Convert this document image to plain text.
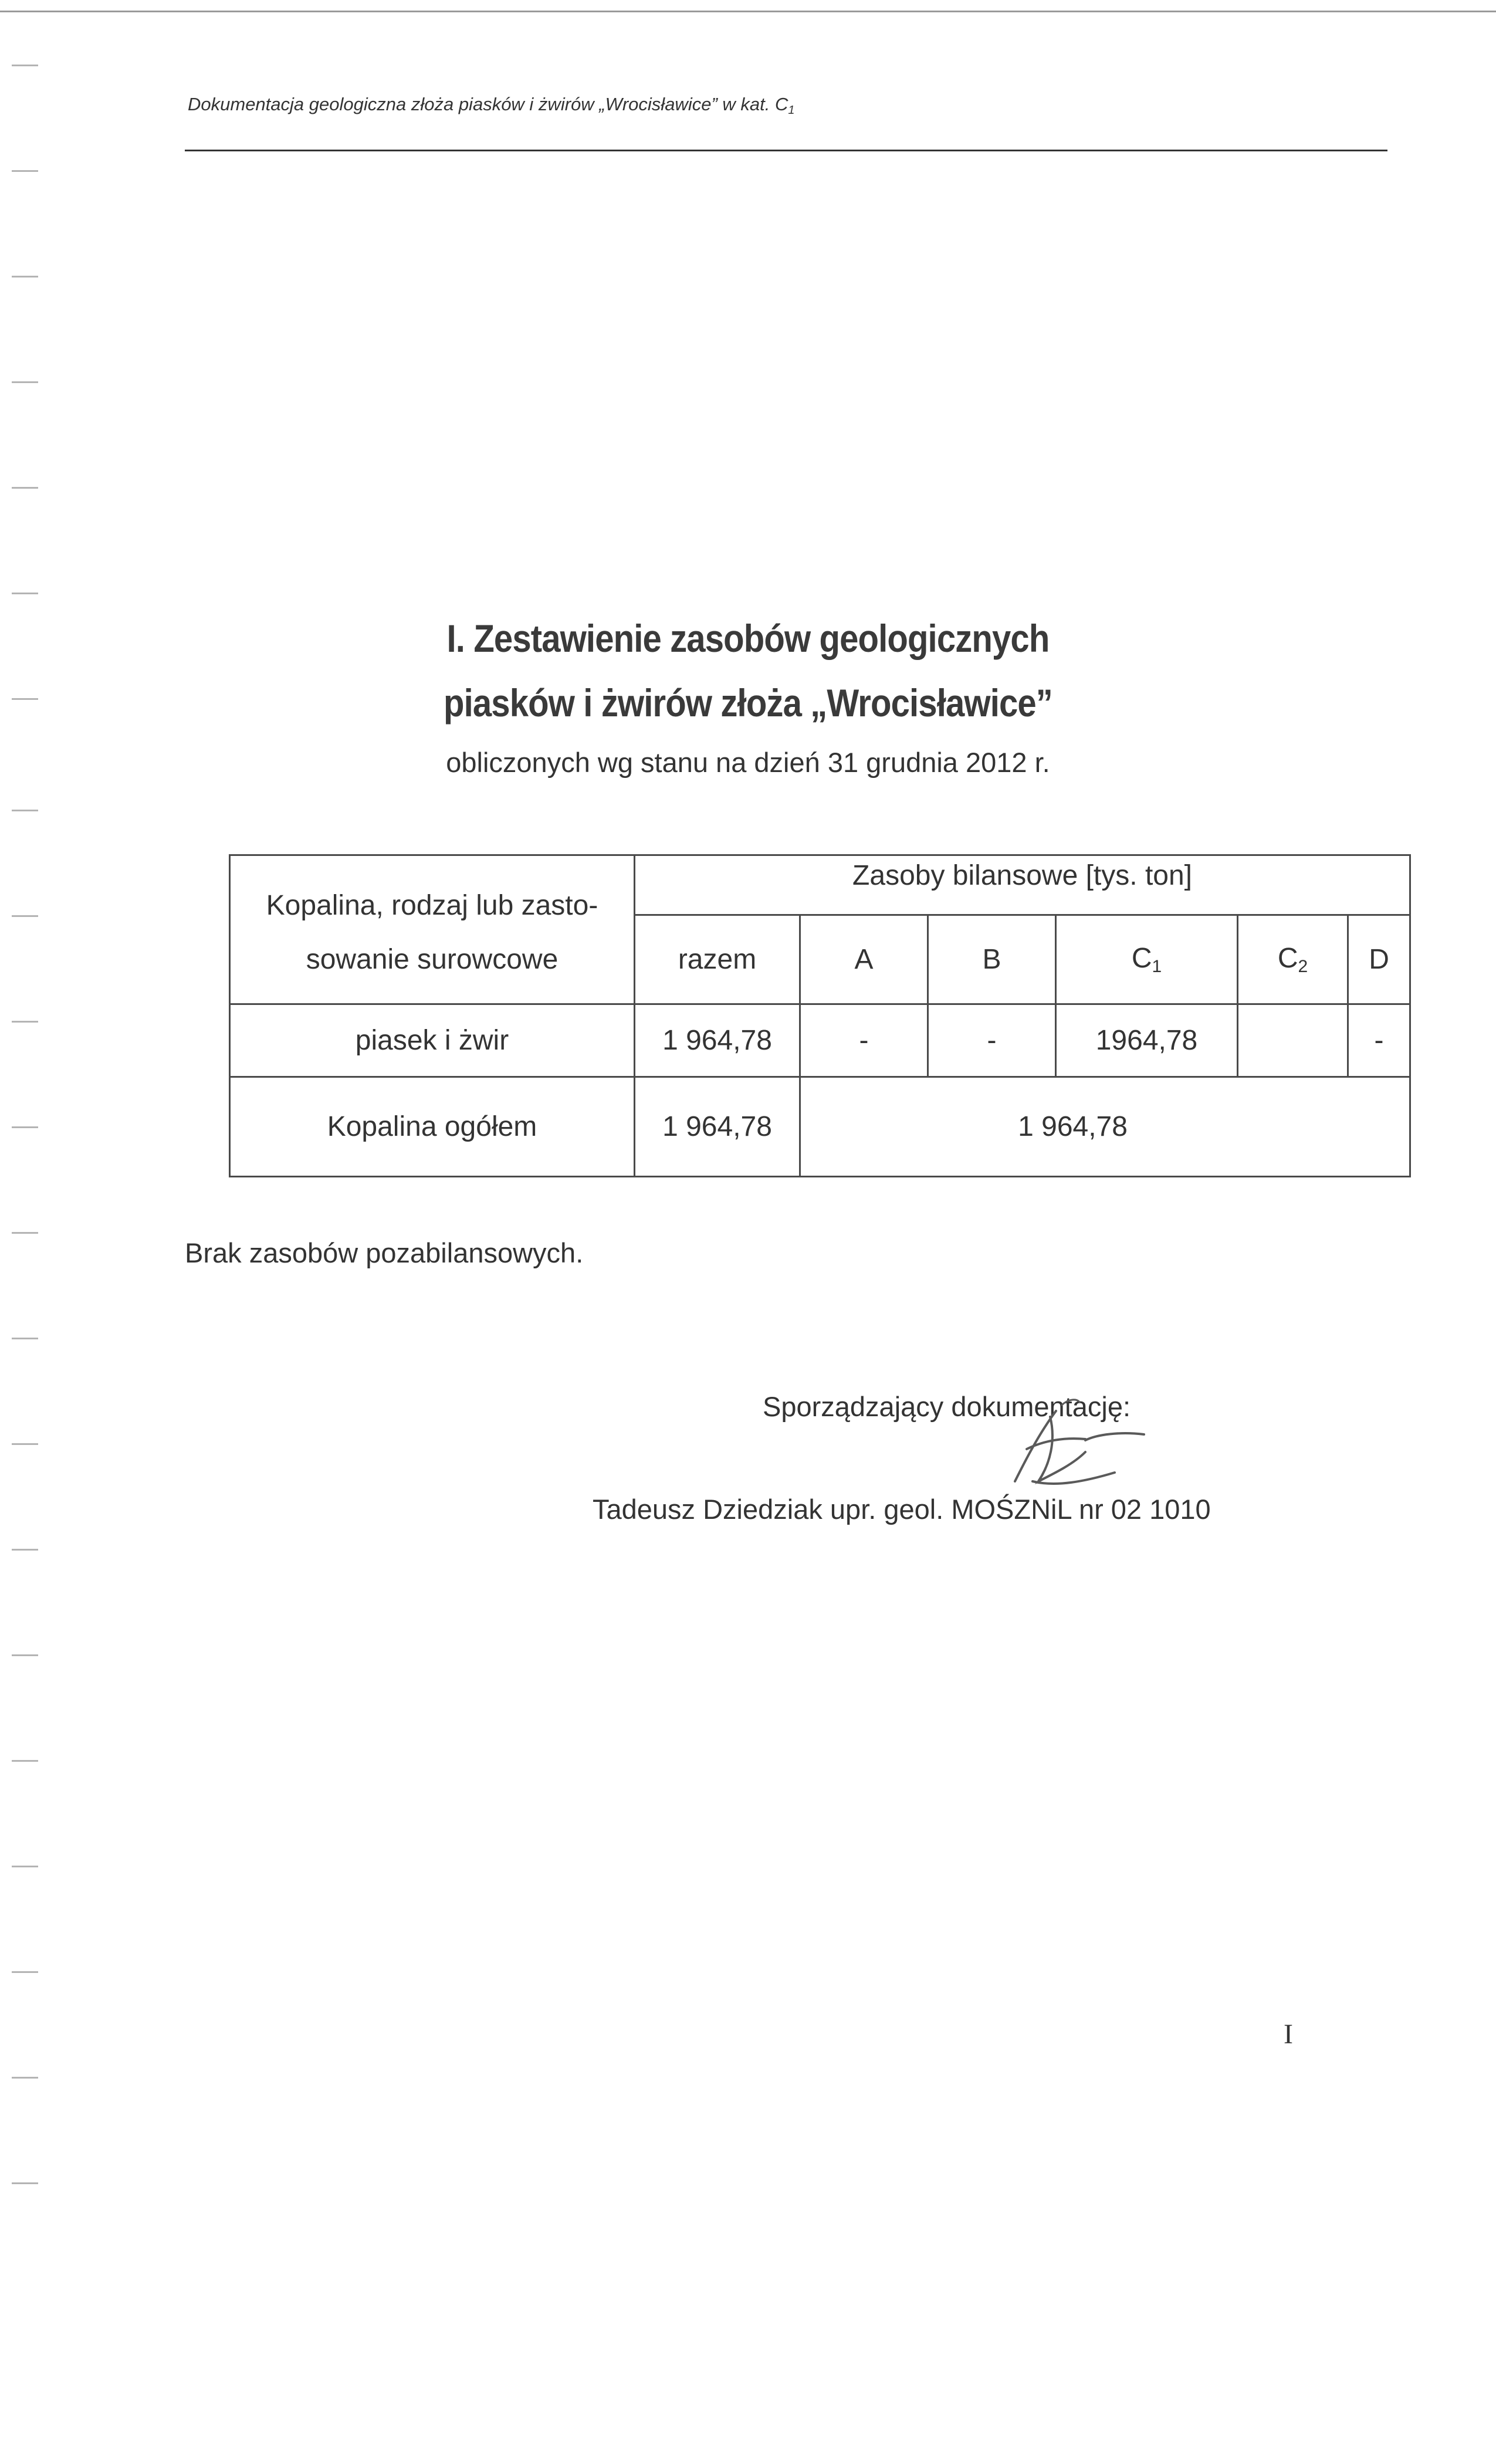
Dokumentacja geologiczna złoża piasków i żwirów „Wrocisławice” w kat. $C_1$
I. Zestawienie zasobów geologicznych
piasków i żwirów złoża „Wrocisławice”
obliczonych wg stanu na dzień 31 grudnia 2012 r.
Kopalina, rodzaj lub zasto-
sowanie surowcowe	Zasoby bilansowe [tys. ton]					
	razem	A	B	C1	C2	D
piasek i żwir	1 964,78	-	-	1964,78		-
Kopalina ogółem	1 964,78	1 964,78				
Brak zasobów pozabilansowych.
Sporządzający dokumentację:
Tadeusz Dziedziak upr. geol. MOŚZNiL nr 02 1010
I
